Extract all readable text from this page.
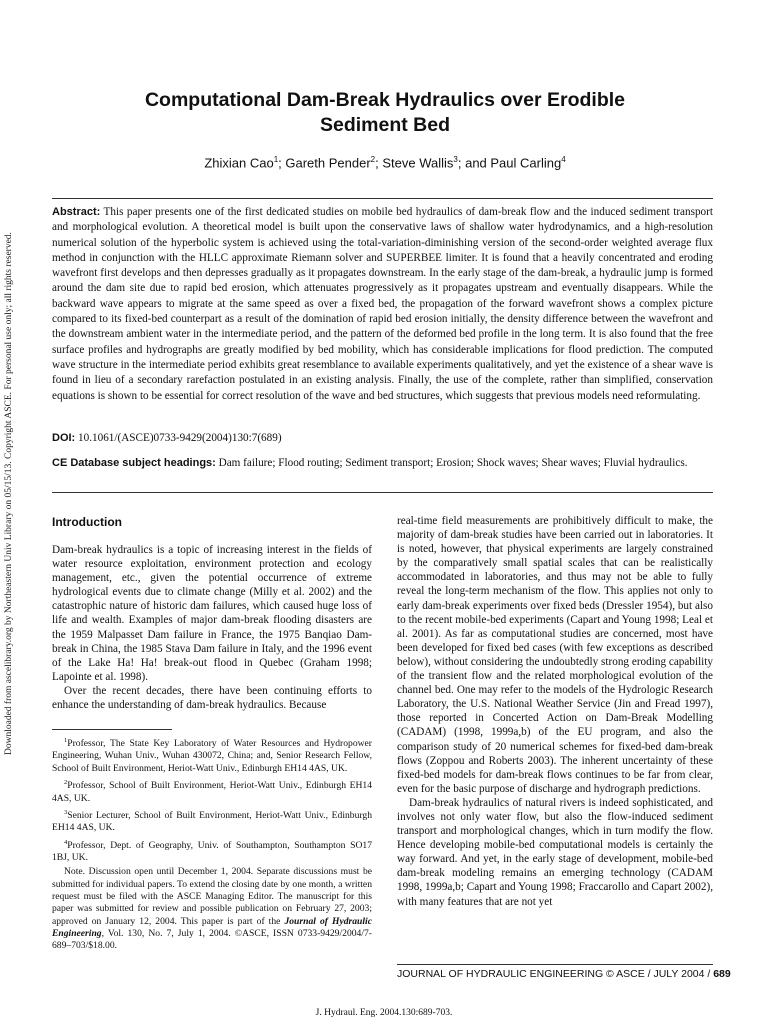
Downloaded from ascelibrary.org by Northeastern Univ Library on 05/15/13. Copyright ASCE. For personal use only; all rights reserved.
Computational Dam-Break Hydraulics over Erodible
Sediment Bed
Zhixian Cao$^1$; Gareth Pender$^2$; Steve Wallis$^3$; and Paul Carling$^4$

Abstract: This paper presents one of the first dedicated studies on mobile bed hydraulics of dam-break flow and the induced sediment transport and morphological evolution. A theoretical model is built upon the conservative laws of shallow water hydrodynamics, and a high-resolution numerical solution of the hyperbolic system is achieved using the total-variation-diminishing version of the second-order weighted average flux method in conjunction with the HLLC approximate Riemann solver and SUPERBEE limiter. It is found that a heavily concentrated and eroding wavefront first develops and then depresses gradually as it propagates downstream. In the early stage of the dam-break, a hydraulic jump is formed around the dam site due to rapid bed erosion, which attenuates progressively as it propagates upstream and eventually disappears. While the backward wave appears to migrate at the same speed as over a fixed bed, the propagation of the forward wavefront shows a complex picture compared to its fixed-bed counterpart as a result of the domination of rapid bed erosion initially, the density difference between the wavefront and the downstream ambient water in the intermediate period, and the pattern of the deformed bed profile in the long term. It is also found that the free surface profiles and hydrographs are greatly modified by bed mobility, which has considerable implications for flood prediction. The computed wave structure in the intermediate period exhibits great resemblance to available experiments qualitatively, and yet the existence of a shear wave is found in lieu of a secondary rarefaction postulated in an existing analysis. Finally, the use of the complete, rather than simplified, conservation equations is shown to be essential for correct resolution of the wave and bed structures, which suggests that previous models need reformulating.

DOI: 10.1061/(ASCE)0733-9429(2004)130:7(689)

CE Database subject headings: Dam failure; Flood routing; Sediment transport; Erosion; Shock waves; Shear waves; Fluvial hydraulics.

Introduction

Dam-break hydraulics is a topic of increasing interest in the fields of water resource exploitation, environment protection and ecology management, etc., given the potential occurrence of extreme hydrological events due to climate change (Milly et al. 2002) and the catastrophic nature of historic dam failures, which caused huge loss of life and wealth. Examples of major dam-break flooding disasters are the 1959 Malpasset Dam failure in France, the 1975 Banqiao Dam-break in China, the 1985 Stava Dam failure in Italy, and the 1996 event of the Lake Ha! Ha! break-out flood in Quebec (Graham 1998; Lapointe et al. 1998).

Over the recent decades, there have been continuing efforts to enhance the understanding of dam-break hydraulics. Because

$^1$Professor, The State Key Laboratory of Water Resources and Hydropower Engineering, Wuhan Univ., Wuhan 430072, China; and, Senior Research Fellow, School of Built Environment, Heriot-Watt Univ., Edinburgh EH14 4AS, UK.

$^2$Professor, School of Built Environment, Heriot-Watt Univ., Edinburgh EH14 4AS, UK.

$^3$Senior Lecturer, School of Built Environment, Heriot-Watt Univ., Edinburgh EH14 4AS, UK.

$^4$Professor, Dept. of Geography, Univ. of Southampton, Southampton SO17 1BJ, UK.

Note. Discussion open until December 1, 2004. Separate discussions must be submitted for individual papers. To extend the closing date by one month, a written request must be filed with the ASCE Managing Editor. The manuscript for this paper was submitted for review and possible publication on February 27, 2003; approved on January 12, 2004. This paper is part of the Journal of Hydraulic Engineering, Vol. 130, No. 7, July 1, 2004. ©ASCE, ISSN 0733-9429/2004/7-689–703/$18.00.

real-time field measurements are prohibitively difficult to make, the majority of dam-break studies have been carried out in laboratories. It is noted, however, that physical experiments are largely constrained by the comparatively small spatial scales that can be realistically accommodated in laboratories, and thus may not be able to fully reveal the long-term mechanism of the flow. This applies not only to early dam-break experiments over fixed beds (Dressler 1954), but also to the recent mobile-bed experiments (Capart and Young 1998; Leal et al. 2001). As far as computational studies are concerned, most have been developed for fixed bed cases (with few exceptions as described below), without considering the undoubtedly strong eroding capability of the transient flow and the related morphological evolution of the channel bed. One may refer to the models of the Hydrologic Research Laboratory, the U.S. National Weather Service (Jin and Fread 1997), those reported in Concerted Action on Dam-Break Modelling (CADAM) (1998, 1999a,b) of the EU program, and also the comparison study of 20 numerical schemes for fixed-bed dam-break flows (Zoppou and Roberts 2003). The inherent uncertainty of these fixed-bed models for dam-break flows continues to be far from clear, even for the basic purpose of discharge and hydrograph predictions.

Dam-break hydraulics of natural rivers is indeed sophisticated, and involves not only water flow, but also the flow-induced sediment transport and morphological changes, which in turn modify the flow. Hence developing mobile-bed computational models is certainly the way forward. And yet, in the early stage of development, mobile-bed dam-break modeling remains an emerging technology (CADAM 1998, 1999a,b; Capart and Young 1998; Fraccarollo and Capart 2002), with many features that are not yet

JOURNAL OF HYDRAULIC ENGINEERING © ASCE / JULY 2004 / 689
J. Hydraul. Eng. 2004.130:689-703.
